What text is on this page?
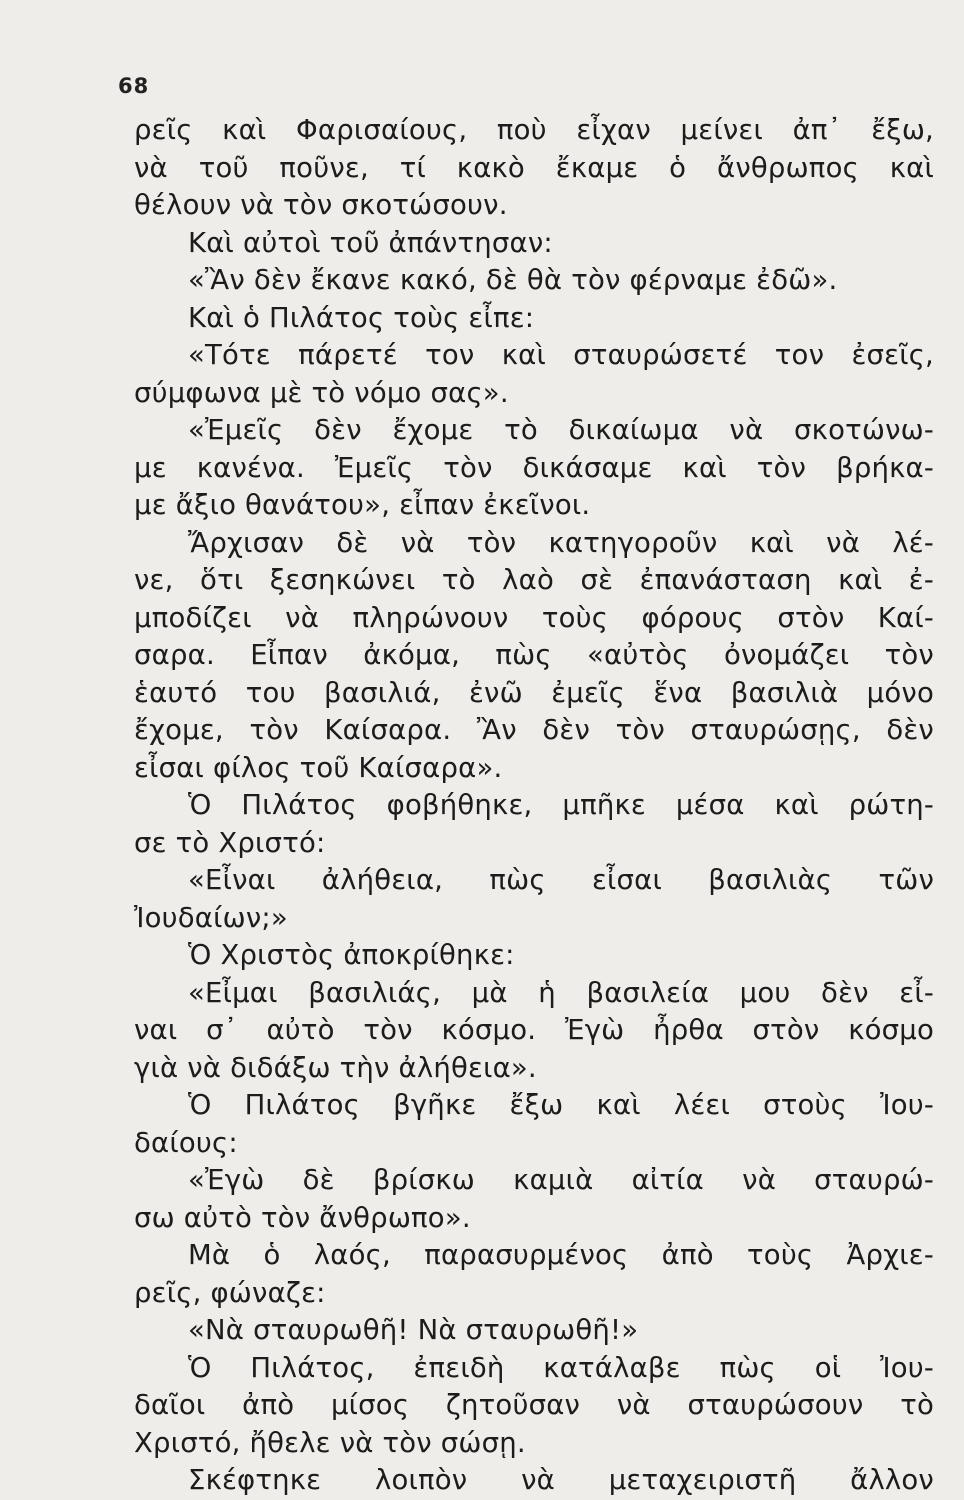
68
ρεῖς καὶ Φαρισαίους, ποὺ εἶχαν μείνει ἀπ᾽ ἔξω,
νὰ τοῦ ποῦνε, τί κακὸ ἔκαμε ὁ ἄνθρωπος καὶ
θέλουν νὰ τὸν σκοτώσουν.
Καὶ αὐτοὶ τοῦ ἀπάντησαν:
«Ἂν δὲν ἔκανε κακό, δὲ θὰ τὸν φέρναμε ἐδῶ».
Καὶ ὁ Πιλάτος τοὺς εἶπε:
«Τότε πάρετέ τον καὶ σταυρώσετέ τον ἐσεῖς,
σύμφωνα μὲ τὸ νόμο σας».
«Ἐμεῖς δὲν ἔχομε τὸ δικαίωμα νὰ σκοτώνω-
με κανένα. Ἐμεῖς τὸν δικάσαμε καὶ τὸν βρήκα-
με ἄξιο θανάτου», εἶπαν ἐκεῖνοι.
Ἄρχισαν δὲ νὰ τὸν κατηγοροῦν καὶ νὰ λέ-
νε, ὅτι ξεσηκώνει τὸ λαὸ σὲ ἐπανάσταση καὶ ἐ-
μποδίζει νὰ πληρώνουν τοὺς φόρους στὸν Καί-
σαρα. Εἶπαν ἀκόμα, πὼς «αὐτὸς ὀνομάζει τὸν
ἑαυτό του βασιλιά, ἐνῶ ἐμεῖς ἕνα βασιλιὰ μόνο
ἔχομε, τὸν Καίσαρα. Ἂν δὲν τὸν σταυρώσῃς, δὲν
εἶσαι φίλος τοῦ Καίσαρα».
Ὁ Πιλάτος φοβήθηκε, μπῆκε μέσα καὶ ρώτη-
σε τὸ Χριστό:
«Εἶναι ἀλήθεια, πὼς εἶσαι βασιλιὰς τῶν
Ἰουδαίων;»
Ὁ Χριστὸς ἀποκρίθηκε:
«Εἶμαι βασιλιάς, μὰ ἡ βασιλεία μου δὲν εἶ-
ναι σ᾽ αὐτὸ τὸν κόσμο. Ἐγὼ ἦρθα στὸν κόσμο
γιὰ νὰ διδάξω τὴν ἀλήθεια».
Ὁ Πιλάτος βγῆκε ἔξω καὶ λέει στοὺς Ἰου-
δαίους:
«Ἐγὼ δὲ βρίσκω καμιὰ αἰτία νὰ σταυρώ-
σω αὐτὸ τὸν ἄνθρωπο».
Μὰ ὁ λαός, παρασυρμένος ἀπὸ τοὺς Ἀρχιε-
ρεῖς, φώναζε:
«Νὰ σταυρωθῆ! Νὰ σταυρωθῆ!»
Ὁ Πιλάτος, ἐπειδὴ κατάλαβε πὼς οἱ Ἰου-
δαῖοι ἀπὸ μίσος ζητοῦσαν νὰ σταυρώσουν τὸ
Χριστό, ἤθελε νὰ τὸν σώσῃ.
Σκέφτηκε λοιπὸν νὰ μεταχειριστῆ ἄλλον
